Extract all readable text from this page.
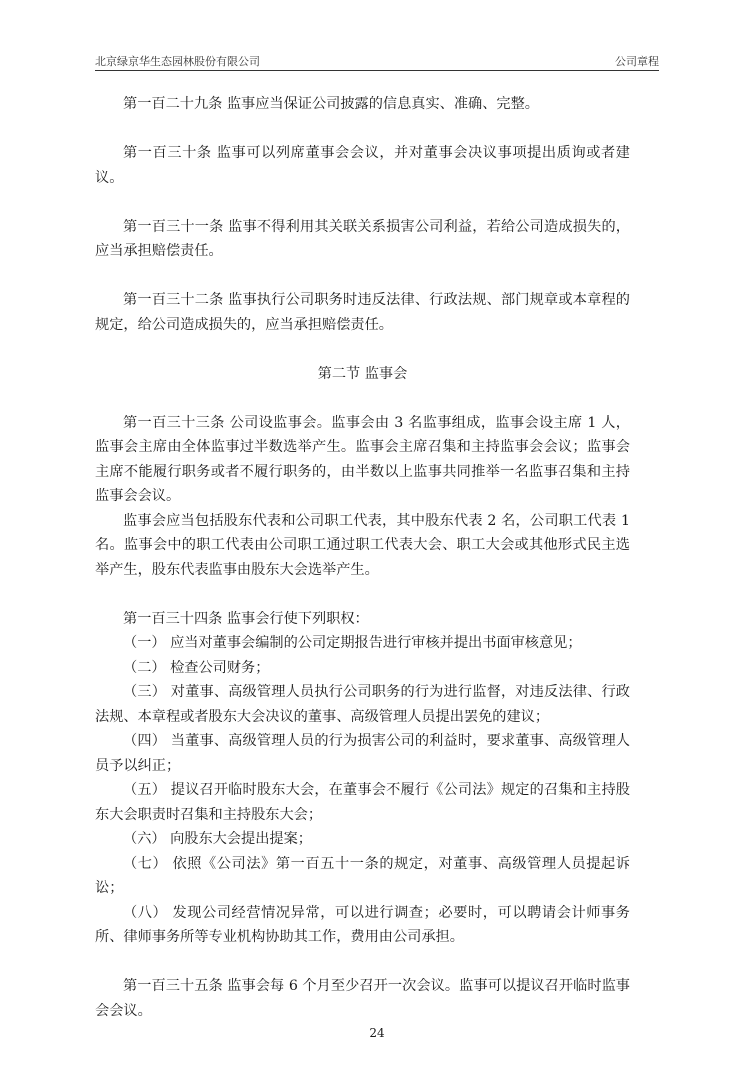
北京绿京华生态园林股份有限公司	公司章程

第一百二十九条 监事应当保证公司披露的信息真实、准确、完整。

第一百三十条 监事可以列席董事会会议，并对董事会决议事项提出质询或者建议。

第一百三十一条 监事不得利用其关联关系损害公司利益，若给公司造成损失的，应当承担赔偿责任。

第一百三十二条 监事执行公司职务时违反法律、行政法规、部门规章或本章程的规定，给公司造成损失的，应当承担赔偿责任。

第二节 监事会

第一百三十三条 公司设监事会。监事会由 3 名监事组成，监事会设主席 1 人，监事会主席由全体监事过半数选举产生。监事会主席召集和主持监事会会议；监事会主席不能履行职务或者不履行职务的，由半数以上监事共同推举一名监事召集和主持监事会会议。

监事会应当包括股东代表和公司职工代表，其中股东代表 2 名，公司职工代表 1 名。监事会中的职工代表由公司职工通过职工代表大会、职工大会或其他形式民主选举产生，股东代表监事由股东大会选举产生。

第一百三十四条 监事会行使下列职权：

（一） 应当对董事会编制的公司定期报告进行审核并提出书面审核意见；

（二） 检查公司财务；

（三） 对董事、高级管理人员执行公司职务的行为进行监督，对违反法律、行政法规、本章程或者股东大会决议的董事、高级管理人员提出罢免的建议；

（四） 当董事、高级管理人员的行为损害公司的利益时，要求董事、高级管理人员予以纠正；

（五） 提议召开临时股东大会，在董事会不履行《公司法》规定的召集和主持股东大会职责时召集和主持股东大会；

（六） 向股东大会提出提案；

（七） 依照《公司法》第一百五十一条的规定，对董事、高级管理人员提起诉讼；

（八） 发现公司经营情况异常，可以进行调查；必要时，可以聘请会计师事务所、律师事务所等专业机构协助其工作，费用由公司承担。

第一百三十五条 监事会每 6 个月至少召开一次会议。监事可以提议召开临时监事会会议。

24
